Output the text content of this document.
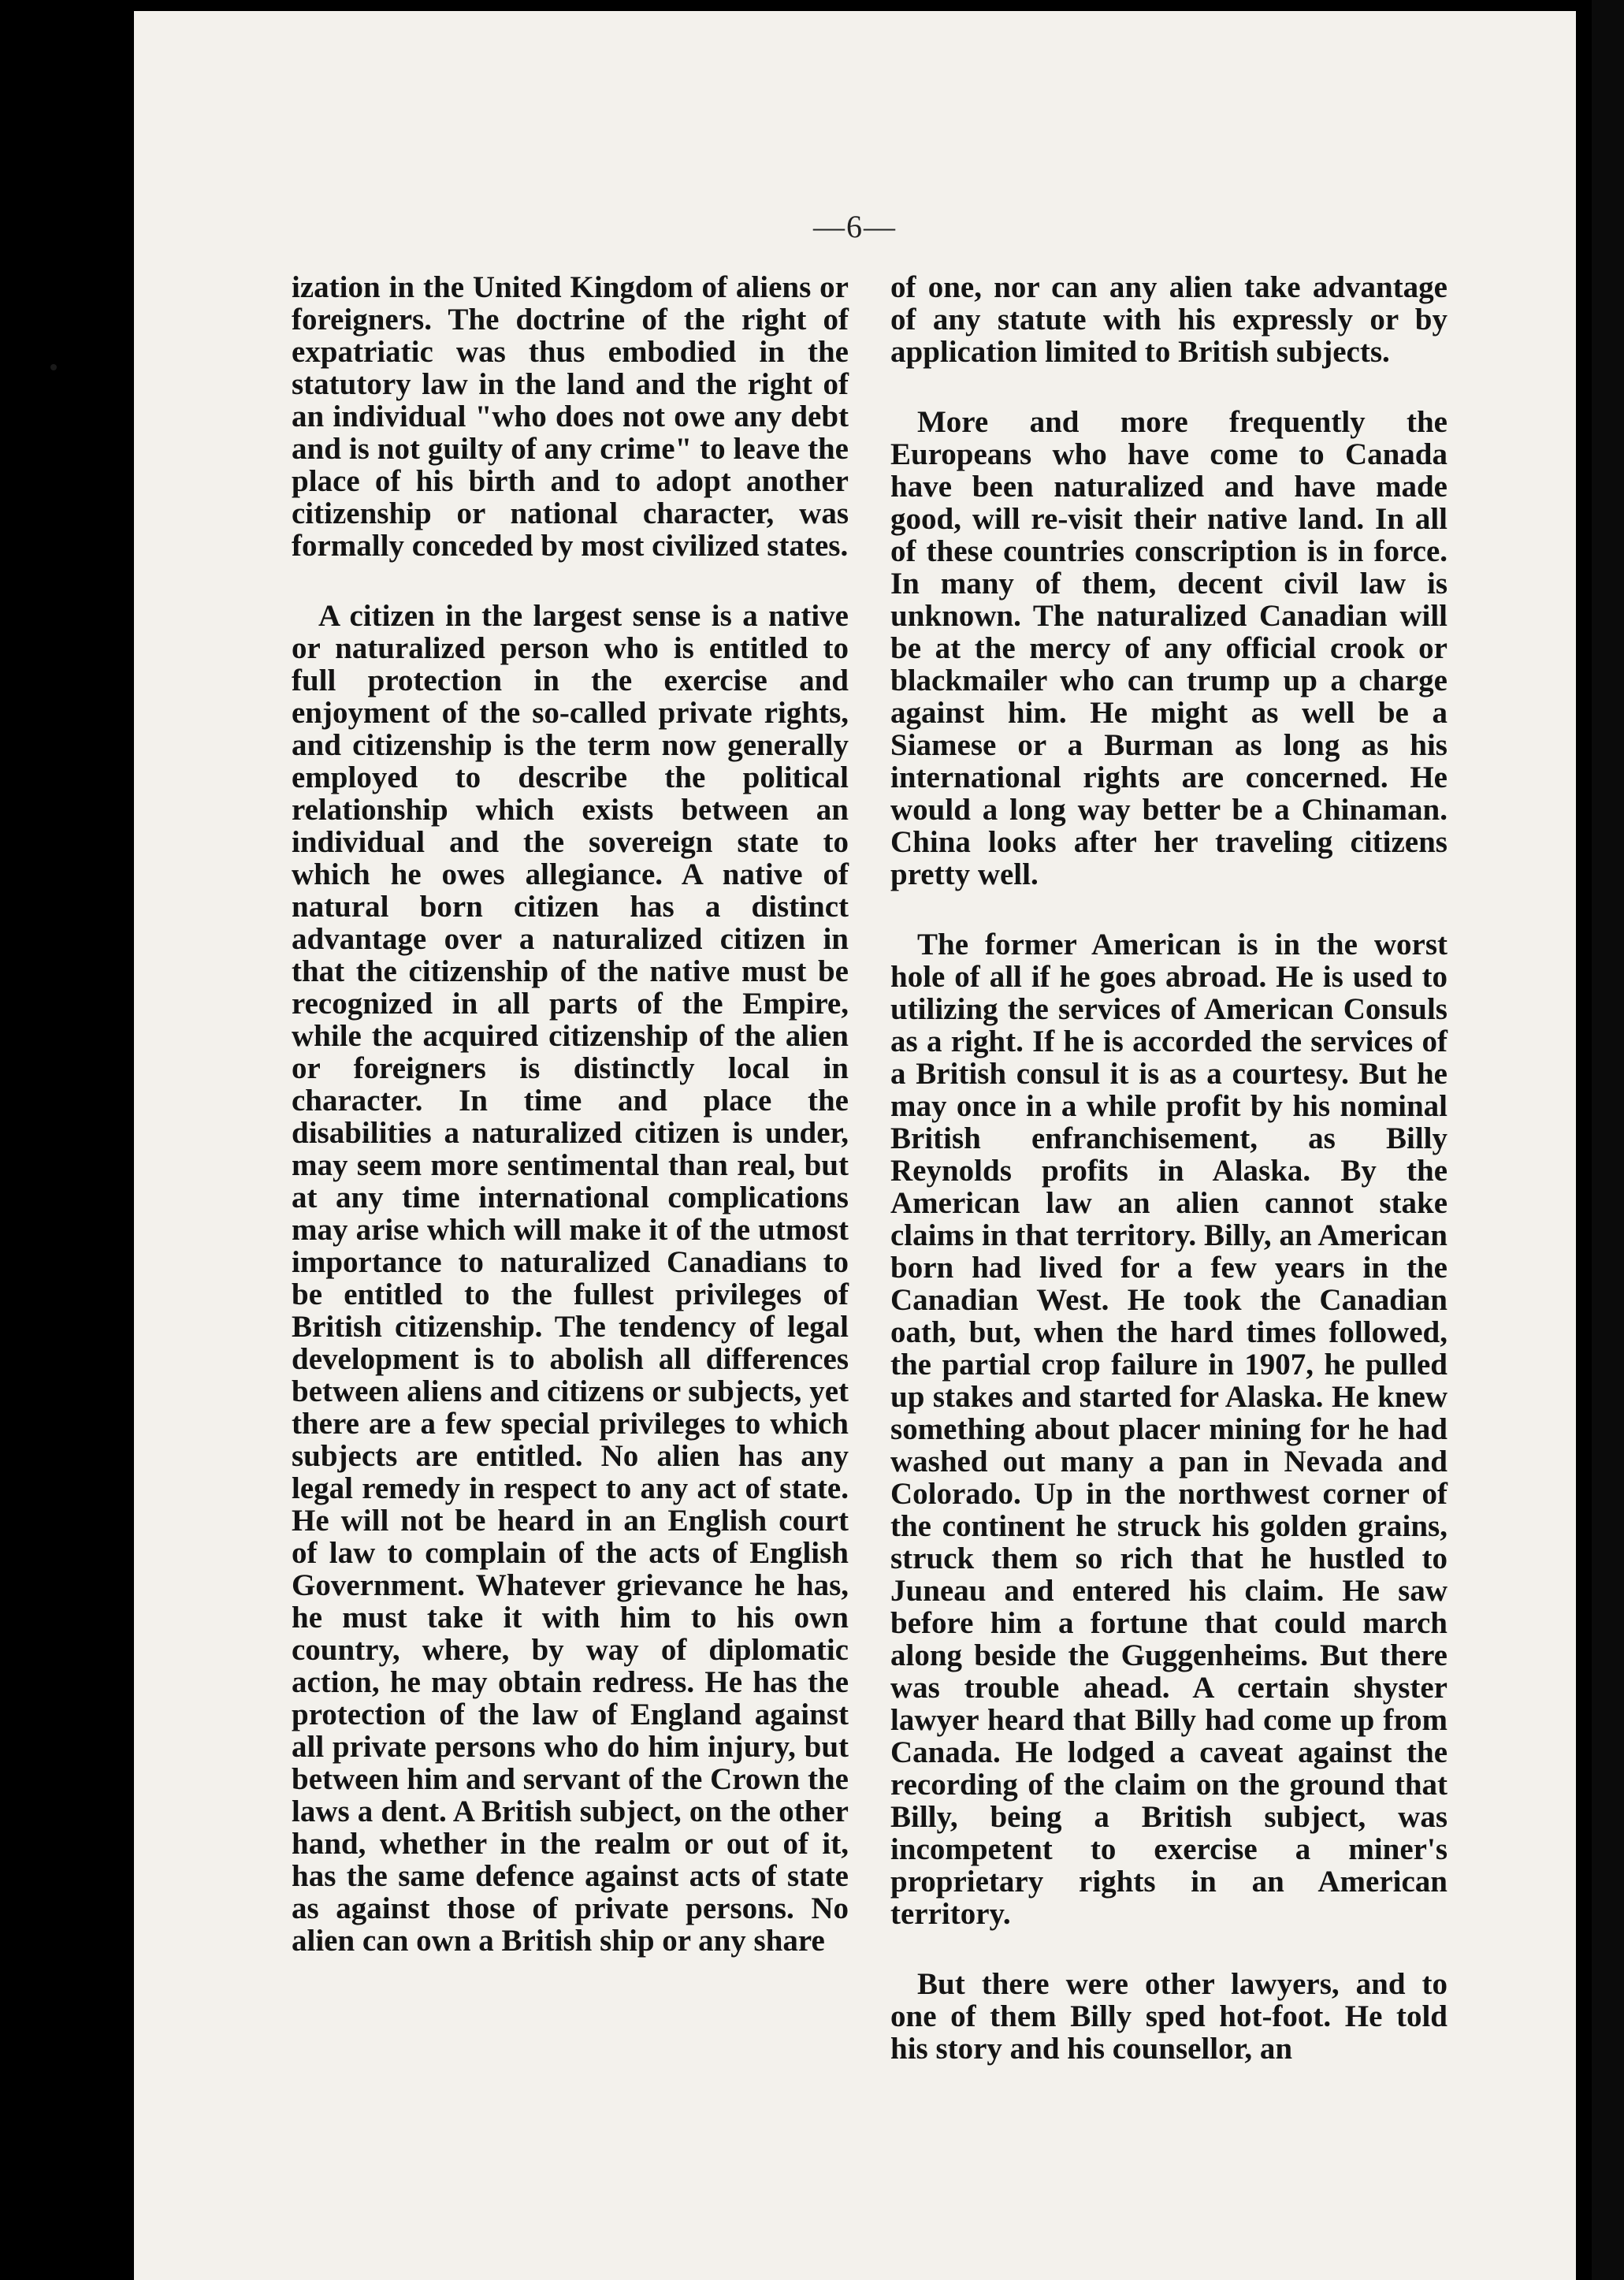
—6—

ization in the United Kingdom of aliens or foreigners. The doctrine of the right of expatriatic was thus embodied in the statutory law in the land and the right of an individual "who does not owe any debt and is not guilty of any crime" to leave the place of his birth and to adopt another citizenship or national character, was formally conceded by most civilized states.

A citizen in the largest sense is a native or naturalized person who is entitled to full protection in the exercise and enjoyment of the so-called private rights, and citizenship is the term now generally employed to describe the political relationship which exists between an individual and the sovereign state to which he owes allegiance. A native of natural born citizen has a distinct advantage over a naturalized citizen in that the citizenship of the native must be recognized in all parts of the Empire, while the acquired citizenship of the alien or foreigners is distinctly local in character. In time and place the disabilities a naturalized citizen is under, may seem more sentimental than real, but at any time international complications may arise which will make it of the utmost importance to naturalized Canadians to be entitled to the fullest privileges of British citizenship. The tendency of legal development is to abolish all differences between aliens and citizens or subjects, yet there are a few special privileges to which subjects are entitled. No alien has any legal remedy in respect to any act of state. He will not be heard in an English court of law to complain of the acts of English Government. Whatever grievance he has, he must take it with him to his own country, where, by way of diplomatic action, he may obtain redress. He has the protection of the law of England against all private persons who do him injury, but between him and servant of the Crown the laws a dent. A British subject, on the other hand, whether in the realm or out of it, has the same defence against acts of state as against those of private persons. No alien can own a British ship or any share

of one, nor can any alien take advantage of any statute with his expressly or by application limited to British subjects.

More and more frequently the Europeans who have come to Canada have been naturalized and have made good, will re-visit their native land. In all of these countries conscription is in force. In many of them, decent civil law is unknown. The naturalized Canadian will be at the mercy of any official crook or blackmailer who can trump up a charge against him. He might as well be a Siamese or a Burman as long as his international rights are concerned. He would a long way better be a Chinaman. China looks after her traveling citizens pretty well.

The former American is in the worst hole of all if he goes abroad. He is used to utilizing the services of American Consuls as a right. If he is accorded the services of a British consul it is as a courtesy. But he may once in a while profit by his nominal British enfranchisement, as Billy Reynolds profits in Alaska. By the American law an alien cannot stake claims in that territory. Billy, an American born had lived for a few years in the Canadian West. He took the Canadian oath, but, when the hard times followed, the partial crop failure in 1907, he pulled up stakes and started for Alaska. He knew something about placer mining for he had washed out many a pan in Nevada and Colorado. Up in the northwest corner of the continent he struck his golden grains, struck them so rich that he hustled to Juneau and entered his claim. He saw before him a fortune that could march along beside the Guggenheims. But there was trouble ahead. A certain shyster lawyer heard that Billy had come up from Canada. He lodged a caveat against the recording of the claim on the ground that Billy, being a British subject, was incompetent to exercise a miner's proprietary rights in an American territory.

But there were other lawyers, and to one of them Billy sped hot-foot. He told his story and his counsellor, an
